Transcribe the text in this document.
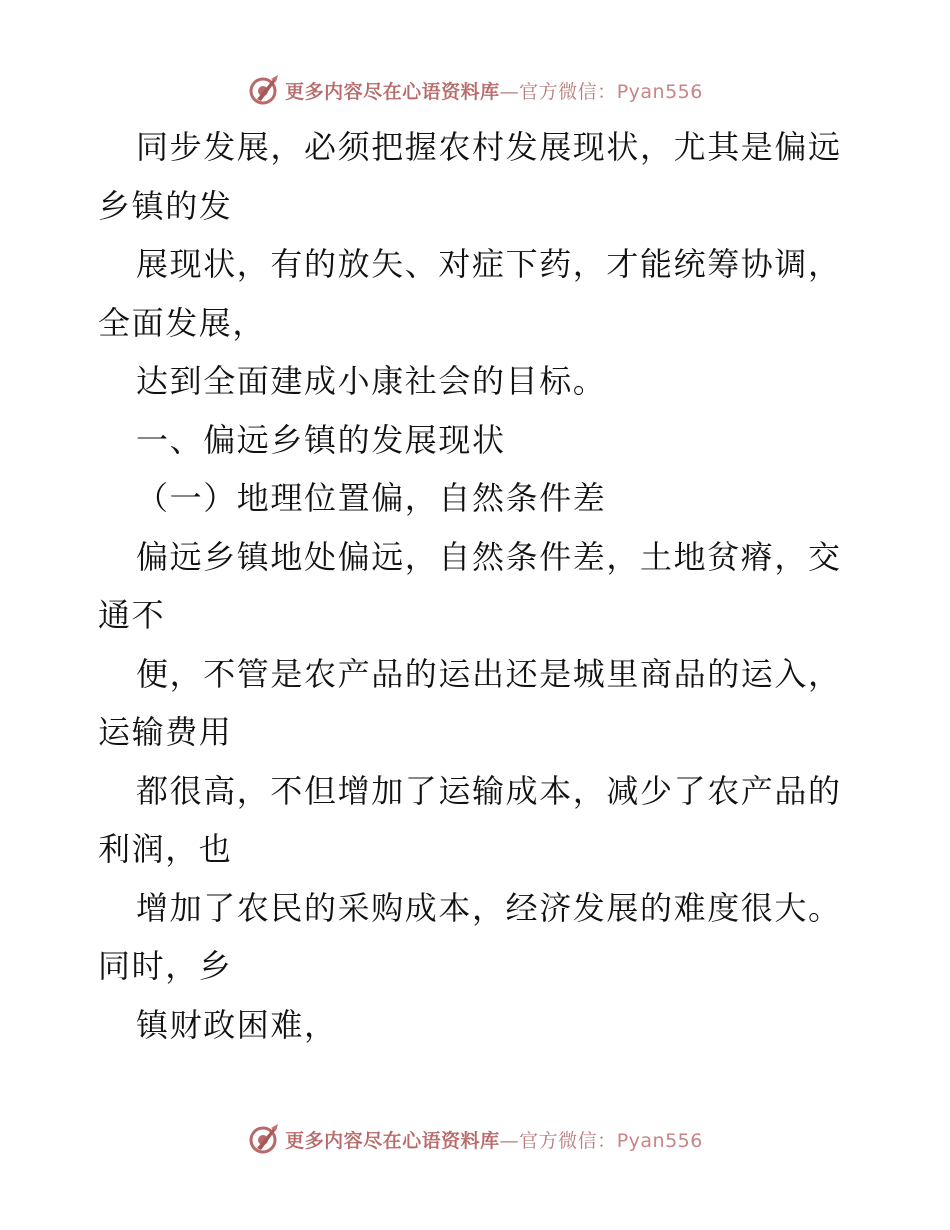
更多内容尽在心语资料库—官方微信：Pyan556
同步发展，必须把握农村发展现状，尤其是偏远
乡镇的发
展现状，有的放矢、对症下药，才能统筹协调，
全面发展，
达到全面建成小康社会的目标。
一、偏远乡镇的发展现状
（一）地理位置偏，自然条件差
偏远乡镇地处偏远，自然条件差，土地贫瘠，交
通不
便，不管是农产品的运出还是城里商品的运入，
运输费用
都很高，不但增加了运输成本，减少了农产品的
利润，也
增加了农民的采购成本，经济发展的难度很大。
同时，乡
镇财政困难，
更多内容尽在心语资料库—官方微信：Pyan556
